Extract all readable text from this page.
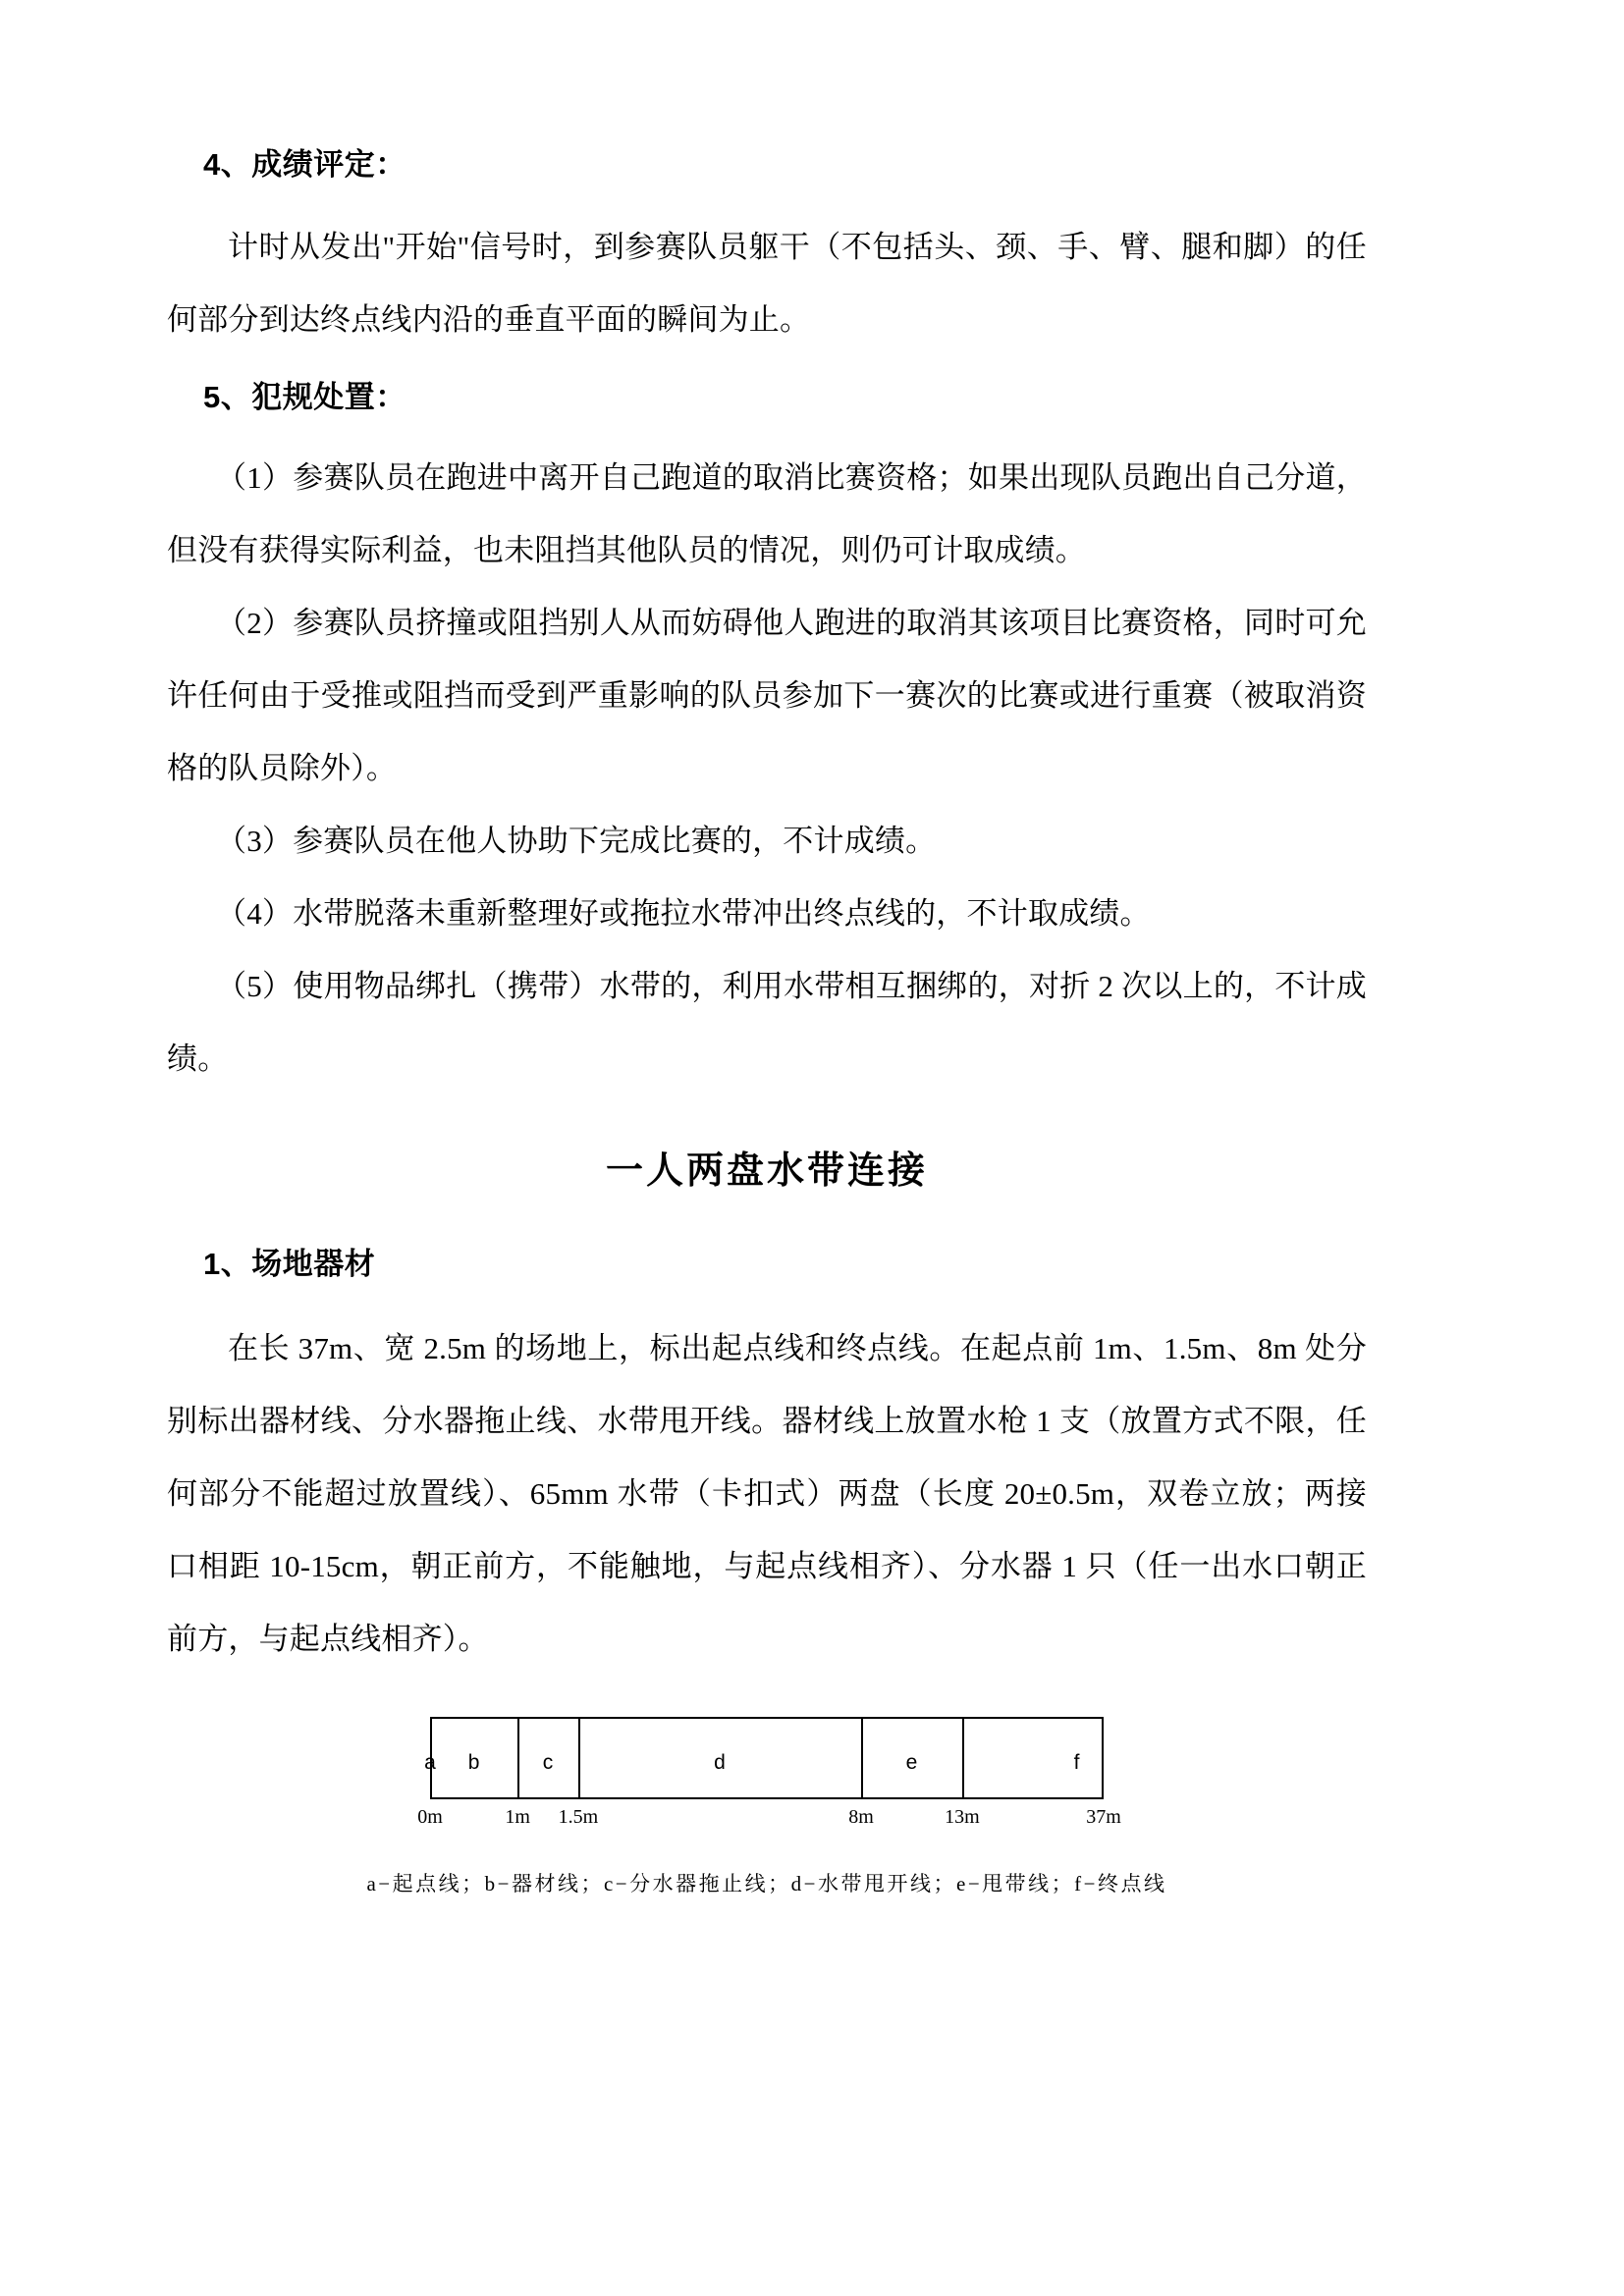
4、成绩评定：
计时从发出"开始"信号时，到参赛队员躯干（不包括头、颈、手、臂、腿和脚）的任何部分到达终点线内沿的垂直平面的瞬间为止。
5、犯规处置：
（1）参赛队员在跑进中离开自己跑道的取消比赛资格；如果出现队员跑出自己分道，但没有获得实际利益，也未阻挡其他队员的情况，则仍可计取成绩。
（2）参赛队员挤撞或阻挡别人从而妨碍他人跑进的取消其该项目比赛资格，同时可允许任何由于受推或阻挡而受到严重影响的队员参加下一赛次的比赛或进行重赛（被取消资格的队员除外）。
（3）参赛队员在他人协助下完成比赛的，不计成绩。
（4）水带脱落未重新整理好或拖拉水带冲出终点线的，不计取成绩。
（5）使用物品绑扎（携带）水带的，利用水带相互捆绑的，对折 2 次以上的，不计成绩。
一人两盘水带连接
1、场地器材
在长 37m、宽 2.5m 的场地上，标出起点线和终点线。在起点前 1m、1.5m、8m 处分别标出器材线、分水器拖止线、水带甩开线。器材线上放置水枪 1 支（放置方式不限，任何部分不能超过放置线）、65mm 水带（卡扣式）两盘（长度 20±0.5m，双卷立放；两接口相距 10-15cm，朝正前方，不能触地，与起点线相齐）、分水器 1 只（任一出水口朝正前方，与起点线相齐）。
a b	c	d	e	f
0m	1m 1.5m	8m	13m	37m
a−起点线；b−器材线；c−分水器拖止线；d−水带甩开线；e−甩带线；f−终点线
